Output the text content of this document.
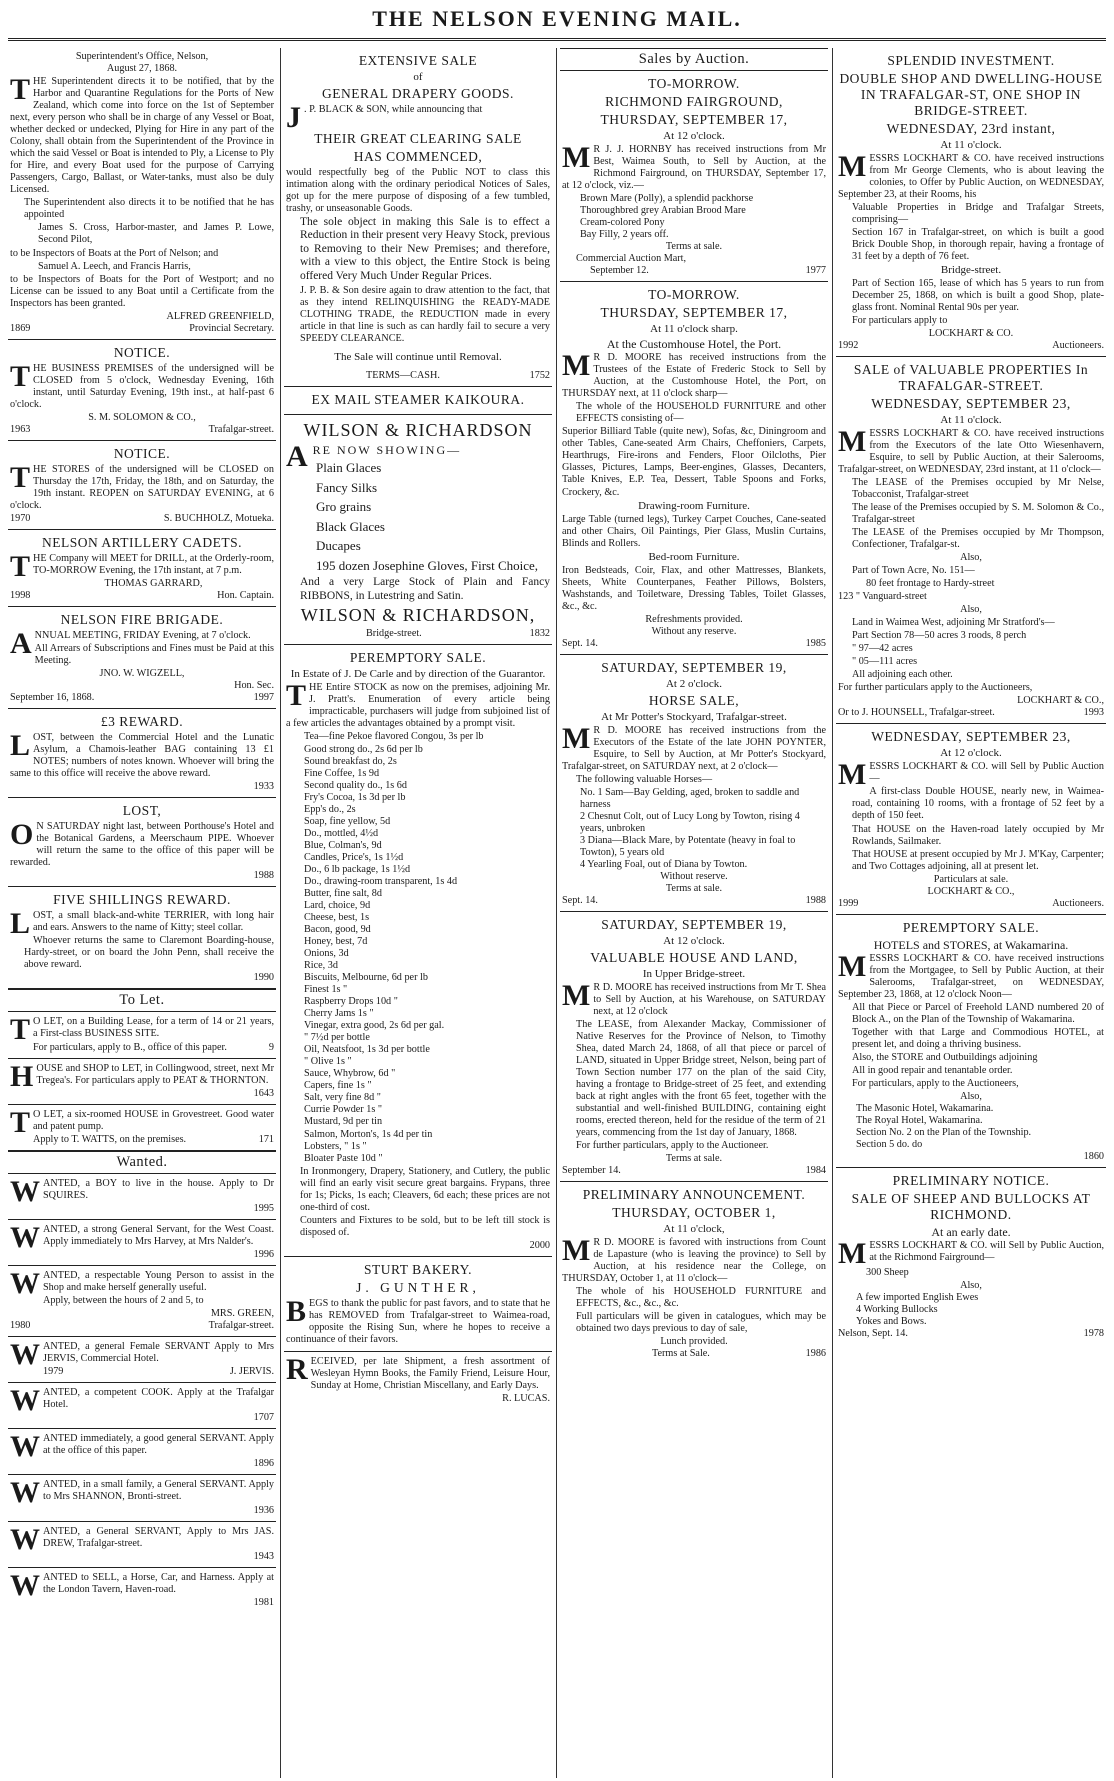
THE NELSON EVENING MAIL.
Superintendent's Office, Nelson,
August 27, 1868.

THE Superintendent directs it to be notified, that by the Harbor and Quarantine Regulations for the Ports of New Zealand, which come into force on the 1st of September next, every person who shall be in charge of any Vessel or Boat, whether decked or undecked, Plying for Hire in any part of the Colony, shall obtain from the Superintendent of the Province in which the said Vessel or Boat is intended to Ply, a License to Ply for Hire, and every Boat used for the purpose of Carrying Passengers, Cargo, Ballast, or Water-tanks, must also be duly Licensed.

The Superintendent also directs it to be notified that he has appointed

James S. Cross, Harbor-master, and James P. Lowe, Second Pilot,

to be Inspectors of Boats at the Port of Nelson; and

Samuel A. Leech, and Francis Harris,

to be Inspectors of Boats for the Port of Westport; and no License can be issued to any Boat until a Certificate from the Inspectors has been granted.

ALFRED GREENFIELD,
1869	Provincial Secretary.
NOTICE.

THE BUSINESS PREMISES of the undersigned will be CLOSED from 5 o'clock, Wednesday Evening, 16th instant, until Saturday Evening, 19th inst., at half-past 6 o'clock.

S. M. SOLOMON & CO.,
1963	Trafalgar-street.
NOTICE.

THE STORES of the undersigned will be CLOSED on Thursday the 17th, Friday, the 18th, and on Saturday, the 19th instant. REOPEN on SATURDAY EVENING, at 6 o'clock.

1970	S. BUCHHOLZ, Motueka.
NELSON ARTILLERY CADETS.

THE Company will MEET for DRILL, at the Orderly-room, TO-MORROW Evening, the 17th instant, at 7 p.m.

THOMAS GARRARD,
1998	Hon. Captain.
NELSON FIRE BRIGADE.

ANNUAL MEETING, FRIDAY Evening, at 7 o'clock.

All Arrears of Subscriptions and Fines must be Paid at this Meeting.

JNO. W. WIGZELL,
Hon. Sec.
September 16, 1868.	1997
£3 REWARD.

LOST, between the Commercial Hotel and the Lunatic Asylum, a Chamois-leather BAG containing 13 £1 NOTES; numbers of notes known. Whoever will bring the same to this office will receive the above reward.

1933
LOST,

O N SATURDAY night last, between Porthouse's Hotel and the Botanical Gardens, a Meerschaum PIPE. Whoever will return the same to the office of this paper will be rewarded.

1988
FIVE SHILLINGS REWARD.

LOST, a small black-and-white TERRIER, with long hair and ears. Answers to the name of Kitty; steel collar.

Whoever returns the same to Claremont Boarding-house, Hardy-street, or on board the John Penn, shall receive the above reward.

1990
To Let.

T O LET, on a Building Lease, for a term of 14 or 21 years, a First-class BUSINESS SITE.

For particulars, apply to B., office of this paper.	9

HOUSE and SHOP to LET, in Collingwood, street, next Mr Tregea's. For particulars apply to PEAT & THORNTON.

1643

T O LET, a six-roomed HOUSE in Grovestreet. Good water and patent pump.

Apply to T. WATTS, on the premises.	171
Wanted.

WANTED, a BOY to live in the house. Apply to Dr SQUIRES.

1995

WANTED, a strong General Servant, for the West Coast. Apply immediately to Mrs Harvey, at Mrs Nalder's.

1996

WANTED, a respectable Young Person to assist in the Shop and make herself generally useful.

Apply, between the hours of 2 and 5, to

MRS. GREEN,
1980	Trafalgar-street.

WANTED, a general Female SERVANT Apply to Mrs JERVIS, Commercial Hotel.

1979	J. JERVIS.

WANTED, a competent COOK. Apply at the Trafalgar Hotel.

1707

WANTED immediately, a good general SERVANT. Apply at the office of this paper.

1896

WANTED, in a small family, a General SERVANT. Apply to Mrs SHANNON, Bronti-street.

1936

WANTED, a General SERVANT, Apply to Mrs JAS. DREW, Trafalgar-street.

1943

WANTED to SELL, a Horse, Car, and Harness. Apply at the London Tavern, Haven-road.

1981
EXTENSIVE SALE
of
GENERAL DRAPERY GOODS.

J . P. BLACK & SON, while announcing that

THEIR GREAT CLEARING SALE
HAS COMMENCED,

would respectfully beg of the Public NOT to class this intimation along with the ordinary periodical Notices of Sales, got up for the mere purpose of disposing of a few tumbled, trashy, or unseasonable Goods.

The sole object in making this Sale is to effect a Reduction in their present very Heavy Stock, previous to Removing to their New Premises; and therefore, with a view to this object, the Entire Stock is being offered Very Much Under Regular Prices.

J. P. B. & Son desire again to draw attention to the fact, that as they intend RELINQUISHING the READY-MADE CLOTHING TRADE, the REDUCTION made in every article in that line is such as can hardly fail to secure a very SPEEDY CLEARANCE.

The Sale will continue until Removal.
TERMS—CASH.	1752
EX MAIL STEAMER KAIKOURA.
WILSON & RICHARDSON

ARE NOW SHOWING—

Plain Glaces
Fancy Silks
Gro grains
Black Glaces
Ducapes
195 dozen Josephine Gloves, First Choice,

And a very Large Stock of Plain and Fancy RIBBONS, in Lutestring and Satin.

WILSON & RICHARDSON,
Bridge-street.	1832
PEREMPTORY SALE.
In Estate of J. De Carle and by direction of the Guarantor.

THE Entire STOCK as now on the premises, adjoining Mr. J. Pratt's. Enumeration of every article being impracticable, purchasers will judge from subjoined list of a few articles the advantages obtained by a prompt visit.

Tea—fine Pekoe flavored Congou, 3s per lb
Good strong do., 2s 6d per lb
Sound breakfast do, 2s
Fine Coffee, 1s 9d
Second quality do., 1s 6d
Fry's Cocoa, 1s 3d per lb
Epp's do., 2s
Soap, fine yellow, 5d
Do., mottled, 4½d
Blue, Colman's, 9d
Candles, Price's, 1s 1½d
Do., 6 lb package, 1s 1½d
Do., drawing-room transparent, 1s 4d
Butter, fine salt, 8d
Lard, choice, 9d
Cheese, best, 1s
Bacon, good, 9d
Honey, best, 7d
Onions, 3d
Rice, 3d
Biscuits, Melbourne, 6d per lb
Finest 1s "
Raspberry Drops 10d "
Cherry Jams 1s "
Vinegar, extra good, 2s 6d per gal.
" 7½d per bottle
Oil, Neatsfoot, 1s 3d per bottle
" Olive 1s "
Sauce, Whybrow, 6d "
Capers, fine 1s "
Salt, very fine 8d "
Currie Powder 1s "
Mustard, 9d per tin
Salmon, Morton's, 1s 4d per tin
Lobsters, " 1s "
Bloater Paste 10d "

In Ironmongery, Drapery, Stationery, and Cutlery, the public will find an early visit secure great bargains. Frypans, three for 1s; Picks, 1s each; Cleavers, 6d each; these prices are not one-third of cost.

Counters and Fixtures to be sold, but to be left till stock is disposed of.

2000
STURT BAKERY.
J. GUNTHER,

BEGS to thank the public for past favors, and to state that he has REMOVED from Trafalgar-street to Waimea-road, opposite the Rising Sun, where he hopes to receive a continuance of their favors.

RECEIVED, per late Shipment, a fresh assortment of Wesleyan Hymn Books, the Family Friend, Leisure Hour, Sunday at Home, Christian Miscellany, and Early Days.

R. LUCAS.
Sales by Auction.
TO-MORROW.
RICHMOND FAIRGROUND,
THURSDAY, SEPTEMBER 17,
At 12 o'clock.

M R J. J. HORNBY has received instructions from Mr Best, Waimea South, to Sell by Auction, at the Richmond Fairground, on THURSDAY, September 17, at 12 o'clock, viz.—

Brown Mare (Polly), a splendid packhorse
Thoroughbred grey Arabian Brood Mare
Cream-colored Pony
Bay Filly, 2 years off.
Terms at sale.
Commercial Auction Mart,
September 12.	1977
TO-MORROW.
THURSDAY, SEPTEMBER 17,
At 11 o'clock sharp.
At the Customhouse Hotel, the Port.

M R D. MOORE has received instructions from the Trustees of the Estate of Frederic Stock to Sell by Auction, at the Customhouse Hotel, the Port, on THURSDAY next, at 11 o'clock sharp—

The whole of the HOUSEHOLD FURNITURE and other EFFECTS consisting of—

Superior Billiard Table (quite new), Sofas, &c, Diningroom and other Tables, Cane-seated Arm Chairs, Cheffoniers, Carpets, Hearthrugs, Fire-irons and Fenders, Floor Oilcloths, Pier Glasses, Pictures, Lamps, Beer-engines, Glasses, Decanters, Table Knives, E.P. Tea, Dessert, Table Spoons and Forks, Crockery, &c.

Drawing-room Furniture.

Large Table (turned legs), Turkey Carpet Couches, Cane-seated and other Chairs, Oil Paintings, Pier Glass, Muslin Curtains, Blinds and Rollers.

Bed-room Furniture.

Iron Bedsteads, Coir, Flax, and other Mattresses, Blankets, Sheets, White Counterpanes, Feather Pillows, Bolsters, Washstands, and Toiletware, Dressing Tables, Toilet Glasses, &c., &c.

Refreshments provided.
Without any reserve.
Sept. 14.	1985
SATURDAY, SEPTEMBER 19,
At 2 o'clock.
HORSE SALE,
At Mr Potter's Stockyard, Trafalgar-street.

M R D. MOORE has received instructions from the Executors of the Estate of the late JOHN POYNTER, Esquire, to Sell by Auction, at Mr Potter's Stockyard, Trafalgar-street, on SATURDAY next, at 2 o'clock—

The following valuable Horses—

No. 1 Sam—Bay Gelding, aged, broken to saddle and harness
2 Chesnut Colt, out of Lucy Long by Towton, rising 4 years, unbroken
3 Diana—Black Mare, by Potentate (heavy in foal to Towton), 5 years old
4 Yearling Foal, out of Diana by Towton.
Without reserve.
Terms at sale.
Sept. 14.	1988
SATURDAY, SEPTEMBER 19,
At 12 o'clock.
VALUABLE HOUSE AND LAND,
In Upper Bridge-street.

M R D. MOORE has received instructions from Mr T. Shea to Sell by Auction, at his Warehouse, on SATURDAY next, at 12 o'clock

The LEASE, from Alexander Mackay, Commissioner of Native Reserves for the Province of Nelson, to Timothy Shea, dated March 24, 1868, of all that piece or parcel of LAND, situated in Upper Bridge street, Nelson, being part of Town Section number 177 on the plan of the said City, having a frontage to Bridge-street of 25 feet, and extending back at right angles with the front 65 feet, together with the substantial and well-finished BUILDING, containing eight rooms, erected thereon, held for the residue of the term of 21 years, commencing from the 1st day of January, 1868.

For further particulars, apply to the Auctioneer.

Terms at sale.
September 14.	1984
PRELIMINARY ANNOUNCEMENT.
THURSDAY, OCTOBER 1,
At 11 o'clock,

M R D. MOORE is favored with instructions from Count de Lapasture (who is leaving the province) to Sell by Auction, at his residence near the College, on THURSDAY, October 1, at 11 o'clock—

The whole of his HOUSEHOLD FURNITURE and EFFECTS, &c., &c., &c.

Full particulars will be given in catalogues, which may be obtained two days previous to day of sale,

Lunch provided.
Terms at Sale.	1986
SPLENDID INVESTMENT.
DOUBLE SHOP AND DWELLING-HOUSE IN TRAFALGAR-ST, ONE SHOP IN BRIDGE-STREET.
WEDNESDAY, 23rd instant,
At 11 o'clock.

MESSRS LOCKHART & CO. have received instructions from Mr George Clements, who is about leaving the colonies, to Offer by Public Auction, on WEDNESDAY, September 23, at their Rooms, his

Valuable Properties in Bridge and Trafalgar Streets, comprising—

Section 167 in Trafalgar-street, on which is built a good Brick Double Shop, in thorough repair, having a frontage of 31 feet by a depth of 76 feet.

Bridge-street.

Part of Section 165, lease of which has 5 years to run from December 25, 1868, on which is built a good Shop, plate-glass front. Nominal Rental 90s per year.

For particulars apply to

LOCKHART & CO.
1992	Auctioneers.
SALE of VALUABLE PROPERTIES In TRAFALGAR-STREET.
WEDNESDAY, SEPTEMBER 23,
At 11 o'clock.

MESSRS LOCKHART & CO. have received instructions from the Executors of the late Otto Wiesenhavern, Esquire, to sell by Public Auction, at their Salerooms, Trafalgar-street, on WEDNESDAY, 23rd instant, at 11 o'clock—

The LEASE of the Premises occupied by Mr Nelse, Tobacconist, Trafalgar-street

The lease of the Premises occupied by S. M. Solomon & Co., Trafalgar-street

The LEASE of the Premises occupied by Mr Thompson, Confectioner, Trafalgar-st.

Also,

Part of Town Acre, No. 151—

80 feet frontage to Hardy-street

123 " Vanguard-street

Also,

Land in Waimea West, adjoining Mr Stratford's—

Part Section 78—50 acres 3 roods, 8 perch

" 97—42 acres

" 05—111 acres

All adjoining each other.

For further particulars apply to the Auctioneers,

LOCKHART & CO.,
Or to J. HOUNSELL, Trafalgar-street.	1993
WEDNESDAY, SEPTEMBER 23,
At 12 o'clock.

MESSRS LOCKHART & CO. will Sell by Public Auction—

A first-class Double HOUSE, nearly new, in Waimea-road, containing 10 rooms, with a frontage of 52 feet by a depth of 150 feet.

That HOUSE on the Haven-road lately occupied by Mr Rowlands, Sailmaker.

That HOUSE at present occupied by Mr J. M'Kay, Carpenter; and Two Cottages adjoining, all at present let.

Particulars at sale.
LOCKHART & CO.,
1999	Auctioneers.
PEREMPTORY SALE.
HOTELS and STORES, at Wakamarina.

MESSRS LOCKHART & CO. have received instructions from the Mortgagee, to Sell by Public Auction, at their Salerooms, Trafalgar-street, on WEDNESDAY, September 23, 1868, at 12 o'clock Noon—

All that Piece or Parcel of Freehold LAND numbered 20 of Block A., on the Plan of the Township of Wakamarina.

Together with that Large and Commodious HOTEL, at present let, and doing a thriving business.

Also, the STORE and Outbuildings adjoining

All in good repair and tenantable order.

For particulars, apply to the Auctioneers,

Also,
The Masonic Hotel, Wakamarina.
The Royal Hotel, Wakamarina.
Section No. 2 on the Plan of the Township.
Section 5 do. do
1860
PRELIMINARY NOTICE.
SALE OF SHEEP AND BULLOCKS AT RICHMOND.
At an early date.

MESSRS LOCKHART & CO. will Sell by Public Auction, at the Richmond Fairground—

300 Sheep

Also,
A few imported English Ewes
4 Working Bullocks
Yokes and Bows.
Nelson, Sept. 14.	1978
